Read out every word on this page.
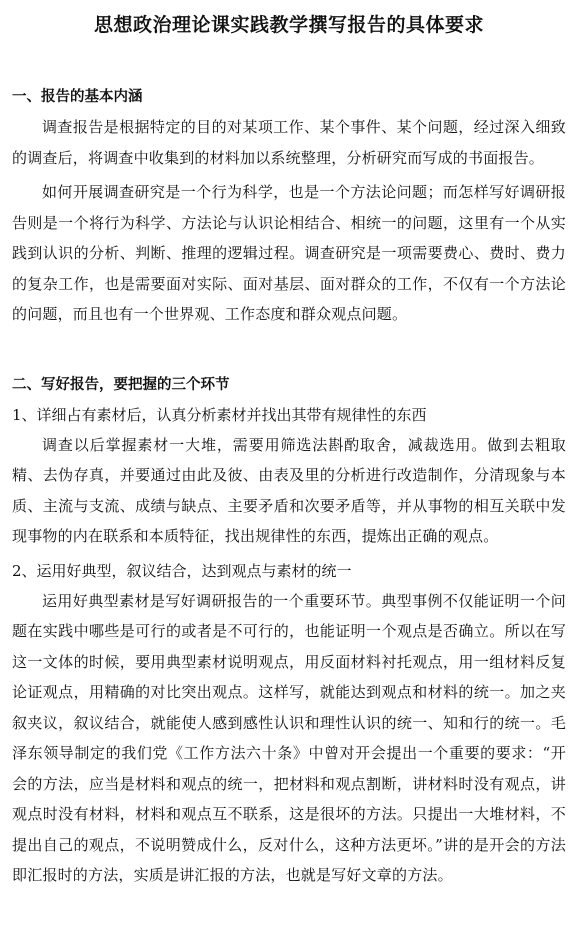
思想政治理论课实践教学撰写报告的具体要求
一、报告的基本内涵

调查报告是根据特定的目的对某项工作、某个事件、某个问题，经过深入细致的调查后，将调查中收集到的材料加以系统整理，分析研究而写成的书面报告。

如何开展调查研究是一个行为科学，也是一个方法论问题；而怎样写好调研报告则是一个将行为科学、方法论与认识论相结合、相统一的问题，这里有一个从实践到认识的分析、判断、推理的逻辑过程。调查研究是一项需要费心、费时、费力的复杂工作，也是需要面对实际、面对基层、面对群众的工作，不仅有一个方法论的问题，而且也有一个世界观、工作态度和群众观点问题。

二、写好报告，要把握的三个环节
1、详细占有素材后，认真分析素材并找出其带有规律性的东西

调查以后掌握素材一大堆，需要用筛选法斟酌取舍，减裁选用。做到去粗取精、去伪存真，并要通过由此及彼、由表及里的分析进行改造制作，分清现象与本质、主流与支流、成绩与缺点、主要矛盾和次要矛盾等，并从事物的相互关联中发现事物的内在联系和本质特征，找出规律性的东西，提炼出正确的观点。

2、运用好典型，叙议结合，达到观点与素材的统一

运用好典型素材是写好调研报告的一个重要环节。典型事例不仅能证明一个问题在实践中哪些是可行的或者是不可行的，也能证明一个观点是否确立。所以在写这一文体的时候，要用典型素材说明观点，用反面材料衬托观点，用一组材料反复论证观点，用精确的对比突出观点。这样写，就能达到观点和材料的统一。加之夹叙夹议，叙议结合，就能使人感到感性认识和理性认识的统一、知和行的统一。毛泽东领导制定的我们党《工作方法六十条》中曾对开会提出一个重要的要求：“开会的方法，应当是材料和观点的统一，把材料和观点割断，讲材料时没有观点，讲观点时没有材料，材料和观点互不联系，这是很坏的方法。只提出一大堆材料，不提出自己的观点，不说明赞成什么，反对什么，这种方法更坏。”讲的是开会的方法即汇报时的方法，实质是讲汇报的方法，也就是写好文章的方法。
